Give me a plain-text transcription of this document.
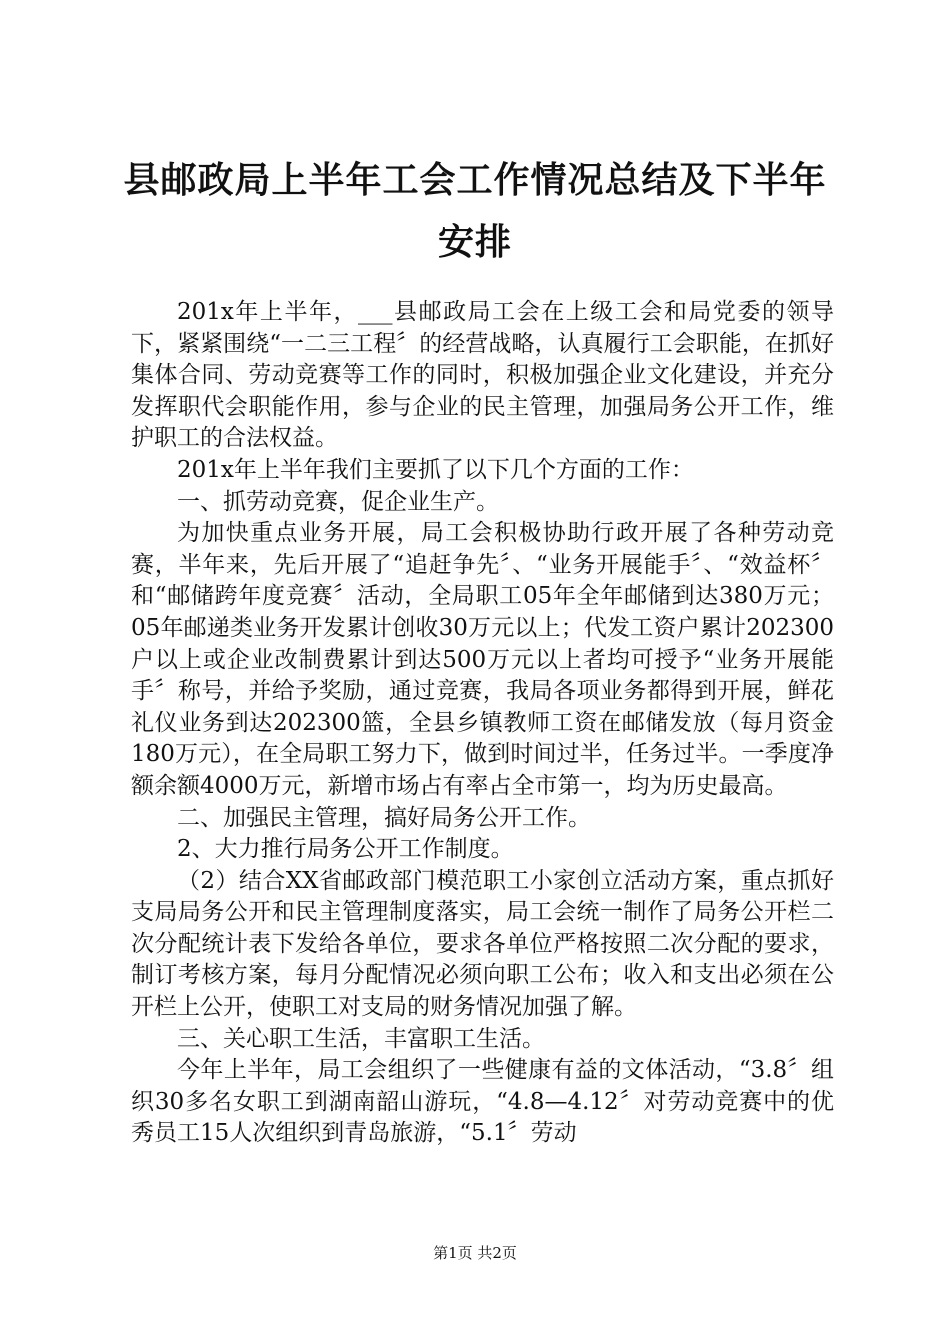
县邮政局上半年工会工作情况总结及下半年安排

201x年上半年，___县邮政局工会在上级工会和局党委的领导下，紧紧围绕“一二三工程〞的经营战略，认真履行工会职能，在抓好集体合同、劳动竞赛等工作的同时，积极加强企业文化建设，并充分发挥职代会职能作用，参与企业的民主管理，加强局务公开工作，维护职工的合法权益。

201x年上半年我们主要抓了以下几个方面的工作：

一、抓劳动竞赛，促企业生产。

为加快重点业务开展，局工会积极协助行政开展了各种劳动竞赛，半年来，先后开展了“追赶争先〞、“业务开展能手〞、“效益杯〞和“邮储跨年度竞赛〞活动，全局职工05年全年邮储到达380万元；05年邮递类业务开发累计创收30万元以上；代发工资户累计202300户以上或企业改制费累计到达500万元以上者均可授予“业务开展能手〞称号，并给予奖励，通过竞赛，我局各项业务都得到开展，鲜花礼仪业务到达202300篮，全县乡镇教师工资在邮储发放（每月资金180万元），在全局职工努力下，做到时间过半，任务过半。一季度净额余额4000万元，新增市场占有率占全市第一，均为历史最高。

二、加强民主管理，搞好局务公开工作。

2、大力推行局务公开工作制度。

（2）结合XX省邮政部门模范职工小家创立活动方案，重点抓好支局局务公开和民主管理制度落实，局工会统一制作了局务公开栏二次分配统计表下发给各单位，要求各单位严格按照二次分配的要求，制订考核方案，每月分配情况必须向职工公布；收入和支出必须在公开栏上公开，使职工对支局的财务情况加强了解。

三、关心职工生活，丰富职工生活。

今年上半年，局工会组织了一些健康有益的文体活动，“3.8〞组织30多名女职工到湖南韶山游玩，“4.8—4.12〞对劳动竞赛中的优秀员工15人次组织到青岛旅游，“5.1〞劳动

第1页 共2页
